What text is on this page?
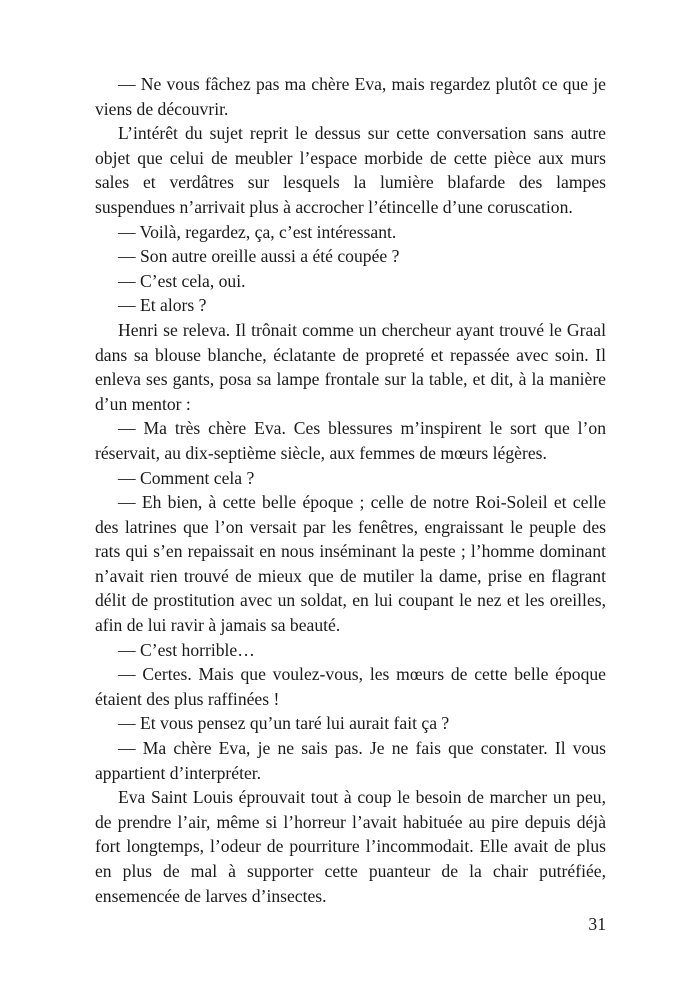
— Ne vous fâchez pas ma chère Eva, mais regardez plutôt ce que je viens de découvrir.

L’intérêt du sujet reprit le dessus sur cette conversation sans autre objet que celui de meubler l’espace morbide de cette pièce aux murs sales et verdâtres sur lesquels la lumière blafarde des lampes suspendues n’arrivait plus à accrocher l’étincelle d’une coruscation.

— Voilà, regardez, ça, c’est intéressant.

— Son autre oreille aussi a été coupée ?

— C’est cela, oui.

— Et alors ?

Henri se releva. Il trônait comme un chercheur ayant trouvé le Graal dans sa blouse blanche, éclatante de propreté et repassée avec soin. Il enleva ses gants, posa sa lampe frontale sur la table, et dit, à la manière d’un mentor :

— Ma très chère Eva. Ces blessures m’inspirent le sort que l’on réservait, au dix-septième siècle, aux femmes de mœurs légères.

— Comment cela ?

— Eh bien, à cette belle époque ; celle de notre Roi-Soleil et celle des latrines que l’on versait par les fenêtres, engraissant le peuple des rats qui s’en repaissait en nous inséminant la peste ; l’homme dominant n’avait rien trouvé de mieux que de mutiler la dame, prise en flagrant délit de prostitution avec un soldat, en lui coupant le nez et les oreilles, afin de lui ravir à jamais sa beauté.

— C’est horrible…

— Certes. Mais que voulez-vous, les mœurs de cette belle époque étaient des plus raffinées !

— Et vous pensez qu’un taré lui aurait fait ça ?

— Ma chère Eva, je ne sais pas. Je ne fais que constater. Il vous appartient d’interpréter.

Eva Saint Louis éprouvait tout à coup le besoin de marcher un peu, de prendre l’air, même si l’horreur l’avait habituée au pire depuis déjà fort longtemps, l’odeur de pourriture l’incommodait. Elle avait de plus en plus de mal à supporter cette puanteur de la chair putréfiée, ensemencée de larves d’insectes.

31
